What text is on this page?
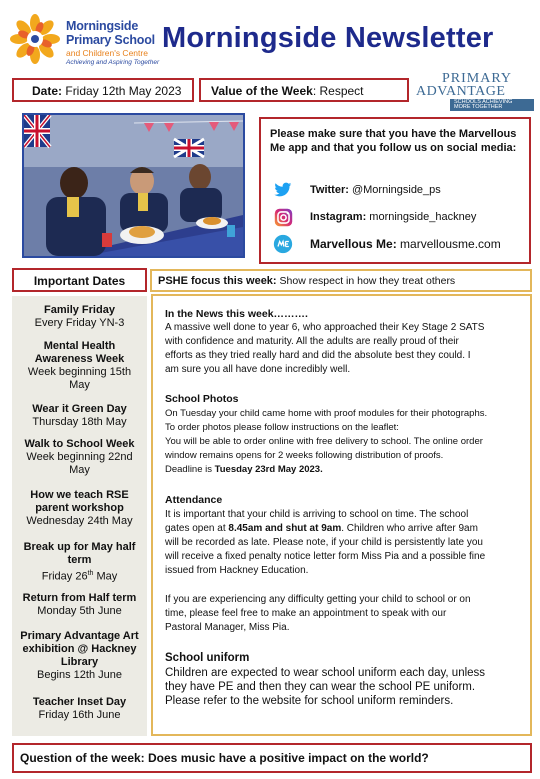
Morningside
Primary School
and Children's Centre
Achieving and Aspiring Together
Morningside Newsletter
Date: Friday 12th May 2023	Value of the Week: Respect
PRIMARY
ADVANTAGE
SCHOOLS ACHIEVING
MORE TOGETHER
Please make sure that you have the Marvellous Me app and that you follow us on social media:
Twitter: @Morningside_ps
Instagram: morningside_hackney
Marvellous Me: marvellousme.com
Important Dates
Family Friday
Every Friday YN-3
Mental Health
Awareness Week
Week beginning 15th
May
Wear it Green Day
Thursday 18th May
Walk to School Week
Week beginning 22nd
May
How we teach RSE
parent workshop
Wednesday 24th May
Break up for May half
term
Friday 26th May
Return from Half term
Monday 5th June
Primary Advantage Art
exhibition @ Hackney
Library
Begins 12th June
Teacher Inset Day
Friday 16th June
PSHE focus this week: Show respect in how they treat others
In the News this week……….
A massive well done to year 6, who approached their Key Stage 2 SATS
with confidence and maturity. All the adults are really proud of their
efforts as they tried really hard and did the absolute best they could. I
am sure you all have done incredibly well.
School Photos
On Tuesday your child came home with proof modules for their photographs.
To order photos please follow instructions on the leaflet:
You will be able to order online with free delivery to school. The online order
window remains opens for 2 weeks following distribution of proofs.
Deadline is Tuesday 23rd May 2023.
Attendance
It is important that your child is arriving to school on time. The school
gates open at 8.45am and shut at 9am. Children who arrive after 9am
will be recorded as late. Please note, if your child is persistently late you
will receive a fixed penalty notice letter form Miss Pia and a possible fine
issued from Hackney Education.
If you are experiencing any difficulty getting your child to school or on
time, please feel free to make an appointment to speak with our
Pastoral Manager, Miss Pia.
School uniform
Children are expected to wear school uniform each day, unless
they have PE and then they can wear the school PE uniform.
Please refer to the website for school uniform reminders.
Question of the week: Does music have a positive impact on the world?
